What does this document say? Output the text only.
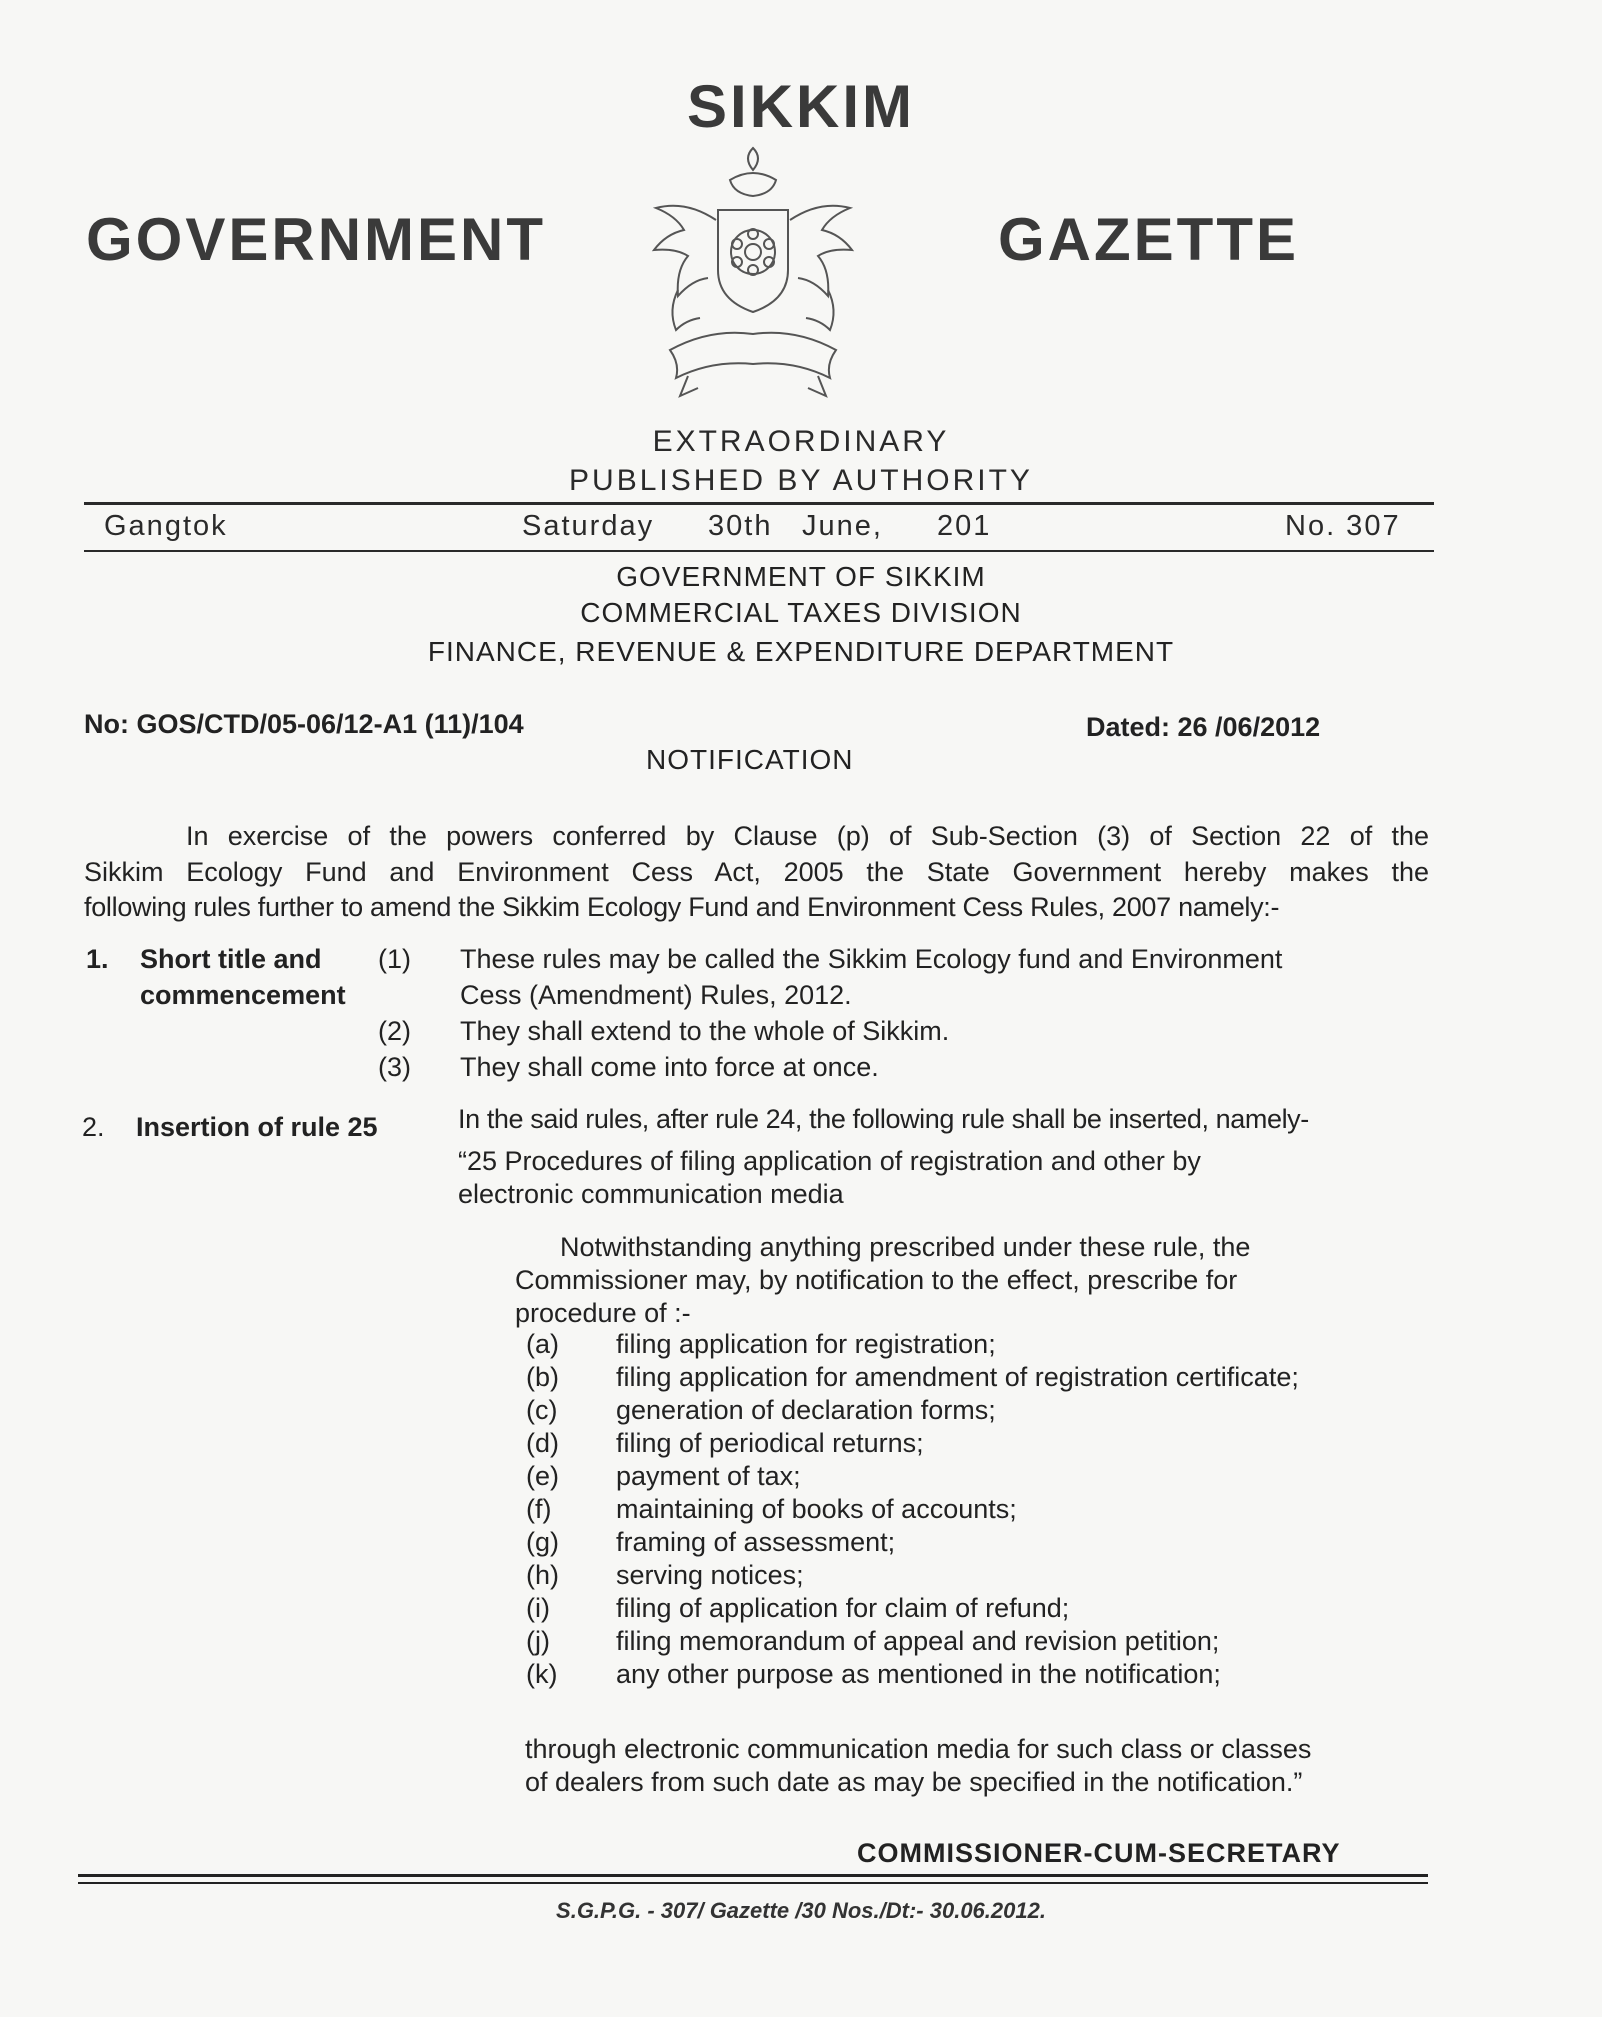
SIKKIM
GOVERNMENT	GAZETTE
EXTRAORDINARY
PUBLISHED BY AUTHORITY
Gangtok	Saturday 30th June, 201	No. 307
GOVERNMENT OF SIKKIM
COMMERCIAL TAXES DIVISION
FINANCE, REVENUE & EXPENDITURE DEPARTMENT
No: GOS/CTD/05-06/12-A1 (11)/104	Dated: 26 /06/2012
NOTIFICATION
In exercise of the powers conferred by Clause (p) of Sub-Section (3) of Section 22 of the
Sikkim Ecology Fund and Environment Cess Act, 2005 the State Government hereby makes the
following rules further to amend the Sikkim Ecology Fund and Environment Cess Rules, 2007 namely:-
1. Short title and
commencement
(1) These rules may be called the Sikkim Ecology fund and Environment
Cess (Amendment) Rules, 2012.
(2) They shall extend to the whole of Sikkim.
(3) They shall come into force at once.
2. Insertion of rule 25	In the said rules, after rule 24, the following rule shall be inserted, namely-
“25 Procedures of filing application of registration and other by
electronic communication media
Notwithstanding anything prescribed under these rule, the
Commissioner may, by notification to the effect, prescribe for
procedure of :-
(a) filing application for registration;
(b) filing application for amendment of registration certificate;
(c) generation of declaration forms;
(d) filing of periodical returns;
(e) payment of tax;
(f) maintaining of books of accounts;
(g) framing of assessment;
(h) serving notices;
(i) filing of application for claim of refund;
(j) filing memorandum of appeal and revision petition;
(k) any other purpose as mentioned in the notification;
through electronic communication media for such class or classes
of dealers from such date as may be specified in the notification.”
COMMISSIONER-CUM-SECRETARY
S.G.P.G. - 307/ Gazette /30 Nos./Dt:- 30.06.2012.
